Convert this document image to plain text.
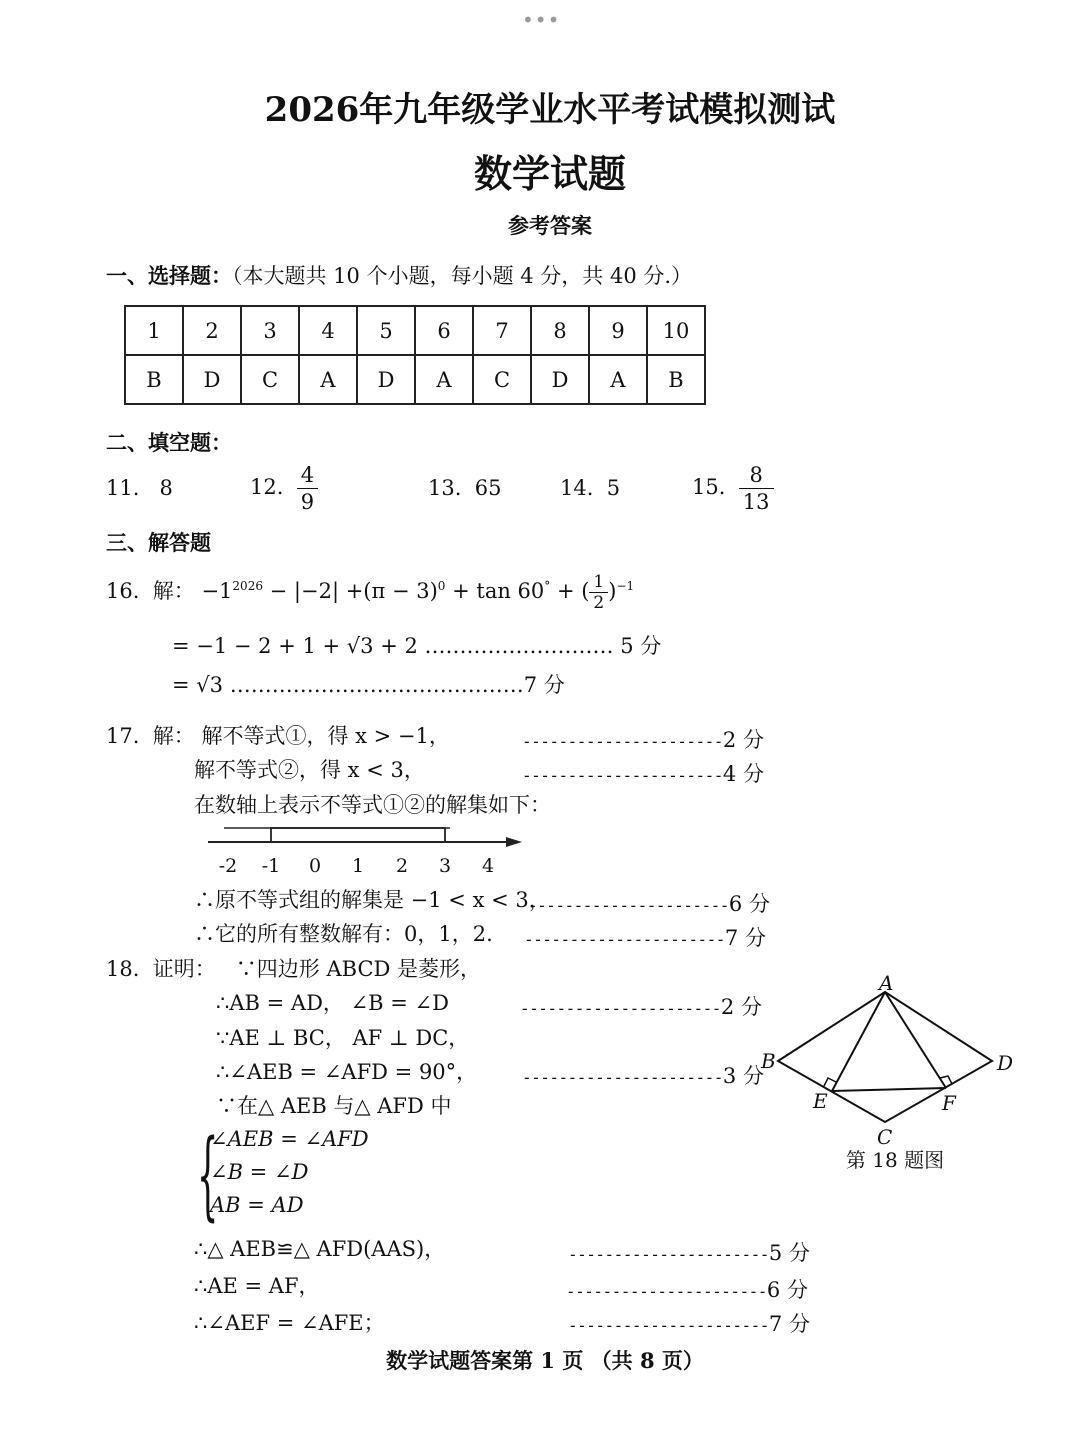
•••
2026年九年级学业水平考试模拟测试
数学试题
参考答案
一、选择题：（本大题共 10 个小题，每小题 4 分，共 40 分.）
1	2	3	4	5	6	7	8	9	10
B	D	C	A	D	A	C	D	A	B
二、填空题：
11. 8	12. $\frac{4}{9}$	13. 65	14. 5	15. $\frac{8}{13}$
三、解答题
16. 解： $-1^{2026} - |-2| +(\pi - 3)^0 + \tan 60^\circ$ + ( $\frac{1}{2} )^{-1}$
= −1 − 2 + 1 + √3 + 2 ……………………… 5 分
= √3 ……………………………………7 分
17. 解： 解不等式①，得 x > −1，	----------------------2 分
解不等式②，得 x < 3，	----------------------4 分
在数轴上表示不等式①②的解集如下：
-2 -1 0 1 2 3 4
∴原不等式组的解集是 −1 < x < 3，
----------------------6 分
∴它的所有整数解有：0，1，2. ----------------------7 分
18. 证明： ∵四边形 ABCD 是菱形，
∴AB = AD， ∠B = ∠D	----------------------2 分
∵AE ⊥ BC， AF ⊥ DC，
∴∠AEB = ∠AFD = 90°，	----------------------3 分
∵在△ AEB 与△ AFD 中
{
∠AEB = ∠AFD
∠B = ∠D
AB = AD
∴△ AEB≌△ AFD(AAS)，	----------------------5 分
∴AE = AF，	----------------------6 分
∴∠AEF = ∠AFE；	----------------------7 分
A
B
C
D
E	F
第 18 题图
数学试题答案第 1 页 （共 8 页）
